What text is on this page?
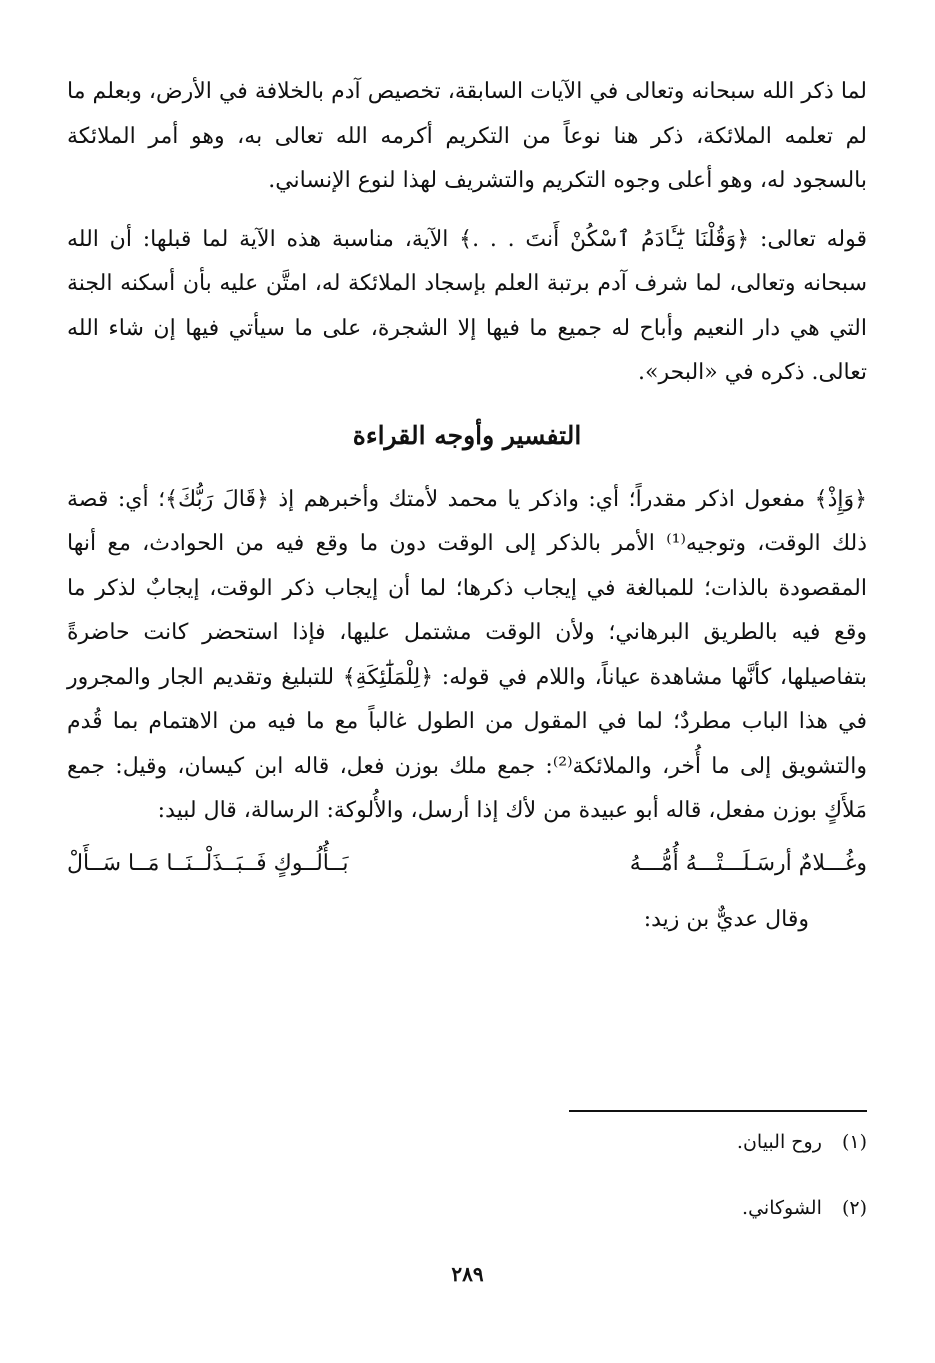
لما ذكر الله سبحانه وتعالى في الآيات السابقة، تخصيص آدم بالخلافة في الأرض، وبعلم ما لم تعلمه الملائكة، ذكر هنا نوعاً من التكريم أكرمه الله تعالى به، وهو أمر الملائكة بالسجود له، وهو أعلى وجوه التكريم والتشريف لهذا لنوع الإنساني.

قوله تعالى: ﴿وَقُلْنَا يَٰٓـَٔادَمُ ٱسْكُنْ أَنتَ . . .﴾ الآية، مناسبة هذه الآية لما قبلها: أن الله سبحانه وتعالى، لما شرف آدم برتبة العلم بإسجاد الملائكة له، امتَّن عليه بأن أسكنه الجنة التي هي دار النعيم وأباح له جميع ما فيها إلا الشجرة، على ما سيأتي فيها إن شاء الله تعالى. ذكره في «البحر».

التفسير وأوجه القراءة

﴿وَإِذْ﴾ مفعول اذكر مقدراً؛ أي: واذكر يا محمد لأمتك وأخبرهم إذ ﴿قَالَ رَبُّكَ﴾؛ أي: قصة ذلك الوقت، وتوجيه⁽¹⁾ الأمر بالذكر إلى الوقت دون ما وقع فيه من الحوادث، مع أنها المقصودة بالذات؛ للمبالغة في إيجاب ذكرها؛ لما أن إيجاب ذكر الوقت، إيجابٌ لذكر ما وقع فيه بالطريق البرهاني؛ ولأن الوقت مشتمل عليها، فإذا استحضر كانت حاضرةً بتفاصيلها، كأنَّها مشاهدة عياناً، واللام في قوله: ﴿لِلْمَلَٰٓئِكَةِ﴾ للتبليغ وتقديم الجار والمجرور في هذا الباب مطردٌ؛ لما في المقول من الطول غالباً مع ما فيه من الاهتمام بما قُدم والتشويق إلى ما أُخر، والملائكة⁽²⁾: جمع ملك بوزن فعل، قاله ابن كيسان، وقيل: جمع مَلأَكٍ بوزن مفعل، قاله أبو عبيدة من لأك إذا أرسل، والأُلوكة: الرسالة، قال لبيد:

وغُـــلامٌ أرسَـلَـــتْـــهُ أُمُّـــهُ
بَــأُلُــوكٍ فَــبَــذَلْــنَــا مَــا سَــأَلْ

وقال عديٌّ بن زيد:

(١) روح البيان.
(٢) الشوكاني.
٢٨٩
